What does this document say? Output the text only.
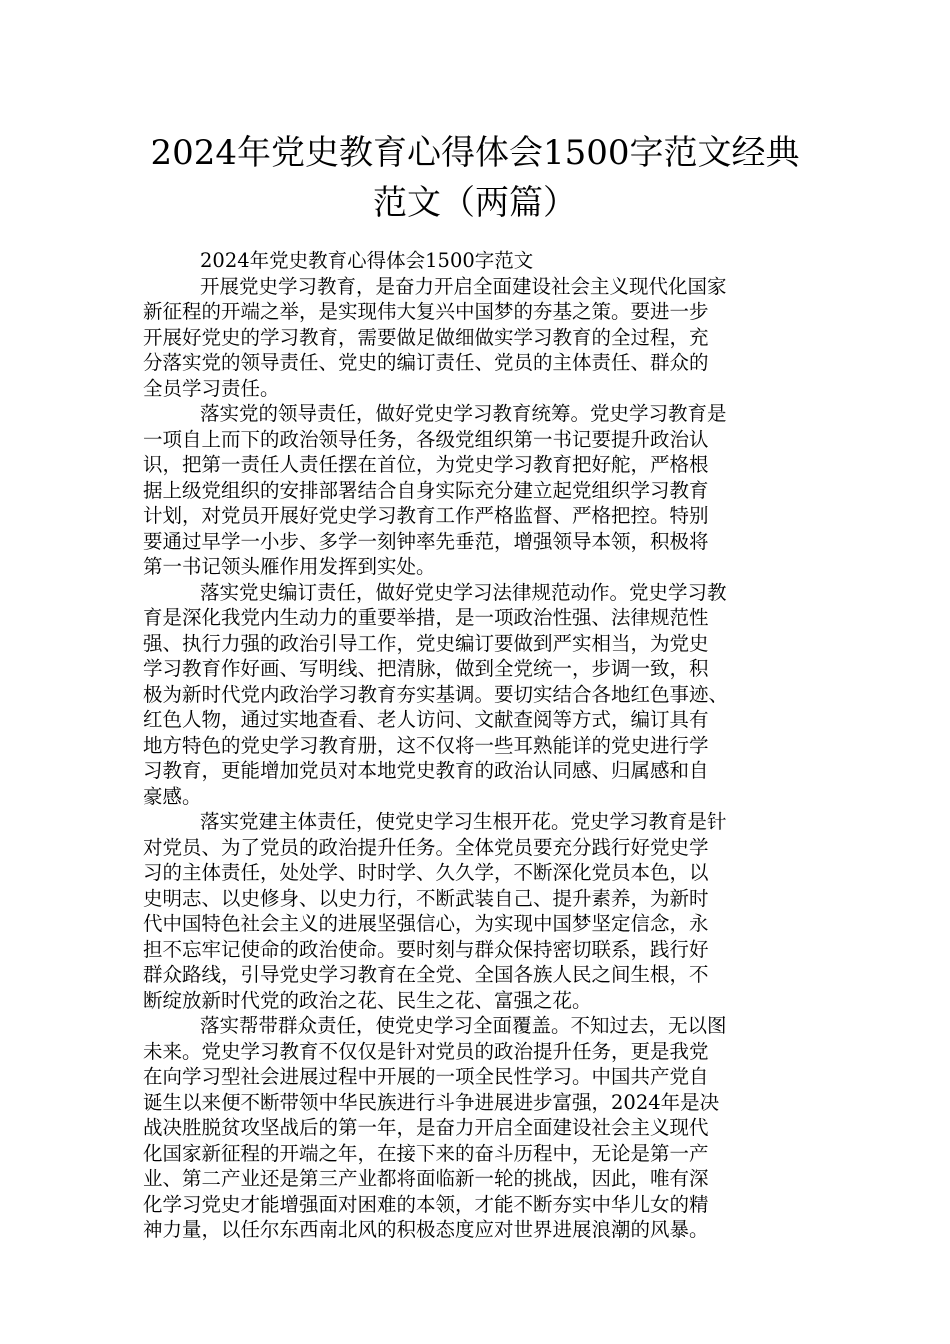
2024年党史教育心得体会1500字范文经典
范文（两篇）
2024年党史教育心得体会1500字范文
开展党史学习教育，是奋力开启全面建设社会主义现代化国家
新征程的开端之举，是实现伟大复兴中国梦的夯基之策。要进一步
开展好党史的学习教育，需要做足做细做实学习教育的全过程，充
分落实党的领导责任、党史的编订责任、党员的主体责任、群众的
全员学习责任。
落实党的领导责任，做好党史学习教育统筹。党史学习教育是
一项自上而下的政治领导任务，各级党组织第一书记要提升政治认
识，把第一责任人责任摆在首位，为党史学习教育把好舵，严格根
据上级党组织的安排部署结合自身实际充分建立起党组织学习教育
计划，对党员开展好党史学习教育工作严格监督、严格把控。特别
要通过早学一小步、多学一刻钟率先垂范，增强领导本领，积极将
第一书记领头雁作用发挥到实处。
落实党史编订责任，做好党史学习法律规范动作。党史学习教
育是深化我党内生动力的重要举措，是一项政治性强、法律规范性
强、执行力强的政治引导工作，党史编订要做到严实相当，为党史
学习教育作好画、写明线、把清脉，做到全党统一，步调一致，积
极为新时代党内政治学习教育夯实基调。要切实结合各地红色事迹、
红色人物，通过实地查看、老人访问、文献查阅等方式，编订具有
地方特色的党史学习教育册，这不仅将一些耳熟能详的党史进行学
习教育，更能增加党员对本地党史教育的政治认同感、归属感和自
豪感。
落实党建主体责任，使党史学习生根开花。党史学习教育是针
对党员、为了党员的政治提升任务。全体党员要充分践行好党史学
习的主体责任，处处学、时时学、久久学，不断深化党员本色，以
史明志、以史修身、以史力行，不断武装自己、提升素养，为新时
代中国特色社会主义的进展坚强信心，为实现中国梦坚定信念，永
担不忘牢记使命的政治使命。要时刻与群众保持密切联系，践行好
群众路线，引导党史学习教育在全党、全国各族人民之间生根，不
断绽放新时代党的政治之花、民生之花、富强之花。
落实帮带群众责任，使党史学习全面覆盖。不知过去，无以图
未来。党史学习教育不仅仅是针对党员的政治提升任务，更是我党
在向学习型社会进展过程中开展的一项全民性学习。中国共产党自
诞生以来便不断带领中华民族进行斗争进展进步富强，2024年是决
战决胜脱贫攻坚战后的第一年，是奋力开启全面建设社会主义现代
化国家新征程的开端之年，在接下来的奋斗历程中，无论是第一产
业、第二产业还是第三产业都将面临新一轮的挑战，因此，唯有深
化学习党史才能增强面对困难的本领，才能不断夯实中华儿女的精
神力量，以任尔东西南北风的积极态度应对世界进展浪潮的风暴。
